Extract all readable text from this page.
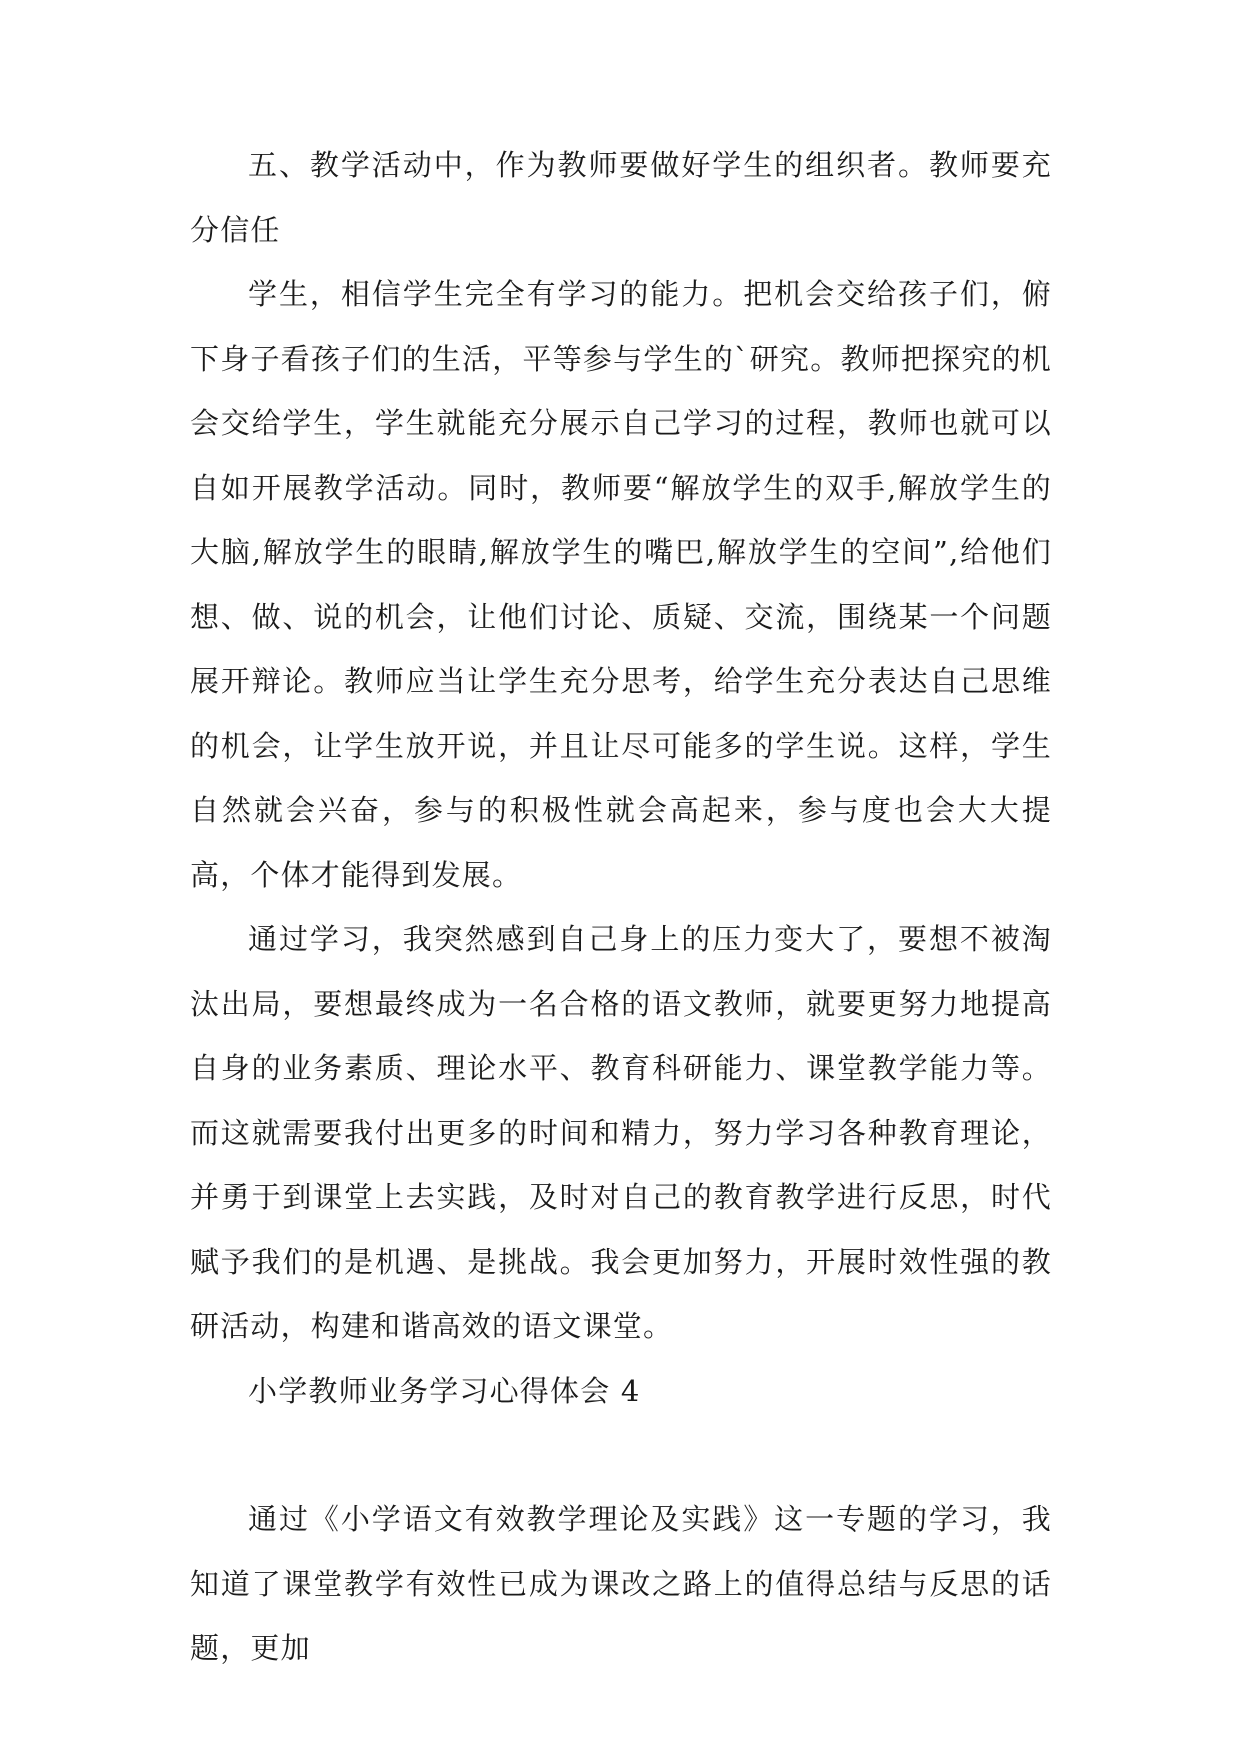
五、教学活动中，作为教师要做好学生的组织者。教师要充分信任

学生，相信学生完全有学习的能力。把机会交给孩子们，俯下身子看孩子们的生活，平等参与学生的`研究。教师把探究的机会交给学生，学生就能充分展示自己学习的过程，教师也就可以自如开展教学活动。同时，教师要“解放学生的双手,解放学生的大脑,解放学生的眼睛,解放学生的嘴巴,解放学生的空间”,给他们想、做、说的机会，让他们讨论、质疑、交流，围绕某一个问题展开辩论。教师应当让学生充分思考，给学生充分表达自己思维的机会，让学生放开说，并且让尽可能多的学生说。这样，学生自然就会兴奋，参与的积极性就会高起来，参与度也会大大提高，个体才能得到发展。

通过学习，我突然感到自己身上的压力变大了，要想不被淘汰出局，要想最终成为一名合格的语文教师，就要更努力地提高自身的业务素质、理论水平、教育科研能力、课堂教学能力等。而这就需要我付出更多的时间和精力，努力学习各种教育理论，并勇于到课堂上去实践，及时对自己的教育教学进行反思，时代赋予我们的是机遇、是挑战。我会更加努力，开展时效性强的教研活动，构建和谐高效的语文课堂。

小学教师业务学习心得体会 4

通过《小学语文有效教学理论及实践》这一专题的学习，我知道了课堂教学有效性已成为课改之路上的值得总结与反思的话题，更加
